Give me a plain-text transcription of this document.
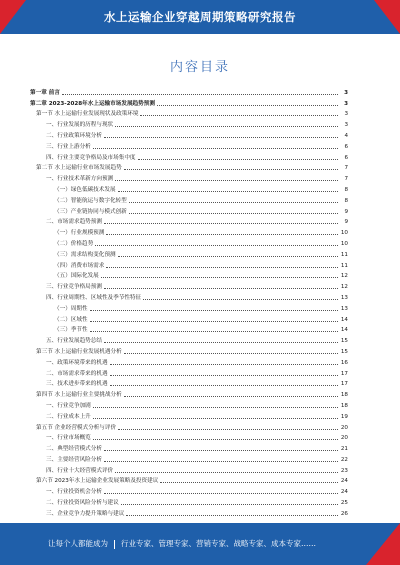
水上运输企业穿越周期策略研究报告
内容目录
第一章 前言	3
第二章 2023-2028年水上运输市场发展趋势预测	3
第一节 水上运输行业发展现状及政策环境	3
一、行业发展的历程与现状	3
二、行业政策环境分析	4
三、行业上游分析	6
四、行业主要竞争格局及市场集中度	6
第二节 水上运输行业市场发展趋势	7
一、行业技术革新方向预测	7
（一）绿色低碳技术发展	8
（二）智能航运与数字化转型	8
（三）产业链协同与模式创新	9
二、市场需求趋势预测	9
（一）行业规模预测	10
（二）价格趋势	10
（三）需求结构变化预测	11
（四）消费市场需求	11
（五）国际化发展	12
三、行业竞争格局预测	12
四、行业周期性、区域性及季节性特征	13
（一）周期性	13
（二）区域性	14
（三）季节性	14
五、行业发展趋势总结	15
第三节 水上运输行业发展机遇分析	15
一、政策环境带来的机遇	16
二、市场需求带来的机遇	17
三、技术进步带来的机遇	17
第四节 水上运输行业主要挑战分析	18
一、行业竞争加剧	18
二、行业成本上升	19
第五节 企业经营模式分析与评价	20
一、行业市场概览	20
二、典型经营模式分析	21
三、主要经营风险分析	22
四、行业十大经营模式评价	23
第六节 2023年水上运输企业发展策略及投资建议	24
一、行业投资机会分析	24
二、行业投资风险分析与建议	25
三、企业竞争力提升策略与建议	26
让每个人都能成为 行业专家、管理专家、营销专家、战略专家、成本专家……
